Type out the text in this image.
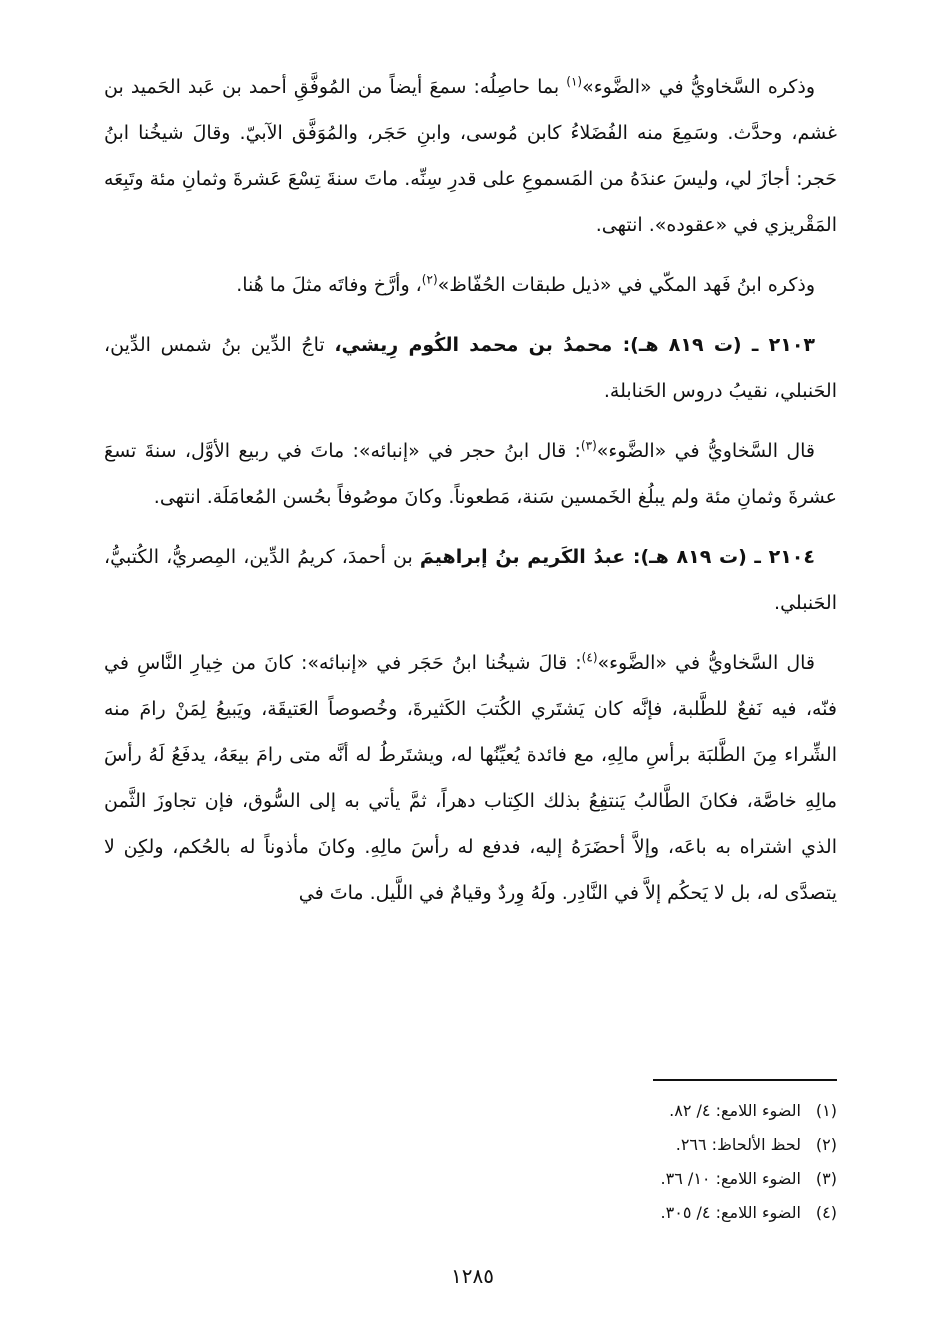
وذكره السَّخاويُّ في «الضَّوء»$^{(١)}$ بما حاصِلُه: سمعَ أيضاً من المُوفَّقِ أحمد بن عَبد الحَميد بن غشم، وحدَّث. وسَمِعَ منه الفُضَلاءُ كابن مُوسى، وابنِ حَجَر، والمُوَفَّق الآبيّ. وقالَ شيخُنا ابنُ حَجر: أجازَ لي، وليسَ عندَهُ من المَسموعِ على قدرِ سِنِّه. ماتَ سنةَ تِسْعَ عَشرةَ وثمانِ مئة وتَبِعَه المَقْريزي في «عقوده». انتهى.

وذكره ابنُ فَهد المكّي في «ذيل طبقات الحُفّاظ»$^{(٢)}$، وأرَّخ وفاتَه مثلَ ما هُنا.

٢١٠٣ ـ (ت ٨١٩ هـ): محمدُ بن محمد الكُوم رِيشي، تاجُ الدِّين بنُ شمس الدِّين، الحَنبلي، نقيبُ دروس الحَنابلة.

قال السَّخاويُّ في «الضَّوء»$^{(٣)}$: قال ابنُ حجر في «إنبائه»: ماتَ في ربيع الأوَّل، سنةَ تسعَ عشرةَ وثمانِ مئة ولم يبلُغ الخَمسين سَنة، مَطعوناً. وكانَ موصُوفاً بحُسن المُعامَلَة. انتهى.

٢١٠٤ ـ (ت ٨١٩ هـ): عبدُ الكَريم بنُ إبراهيمَ بن أحمدَ، كريمُ الدِّين، المِصريُّ، الكُتبيُّ، الحَنبلي.

قال السَّخاويُّ في «الضَّوء»$^{(٤)}$: قالَ شيخُنا ابنُ حَجَر في «إنبائه»: كانَ من خِيارِ النَّاسِ في فنّه، فيه نَفعٌ للطَّلبة، فإنَّه كان يَشتَري الكُتبَ الكَثيرةَ، وخُصوصاً العَتيقَة، ويَبيعُ لِمَنْ رامَ منه الشِّراء مِنَ الطَّلبَة برأسِ مالِهِ، مع فائدة يُعيِّنُها له، ويشتَرطُ له أنَّه متى رامَ بيعَهُ، يدفَعُ لَهُ رأسَ مالِهِ خاصَّة، فكانَ الطَّالبُ يَنتفِعُ بذلك الكِتاب دهراً، ثمَّ يأتي به إلى السُّوق، فإن تجاوزَ الثَّمن الذي اشتراه به باعَه، وإلاَّ أحضَرَهُ إليه، فدفع له رأسَ مالِهِ. وكانَ مأذوناً له بالحُكم، ولكِن لا يتصدَّى له، بل لا يَحكُم إلاَّ في النَّادِر. ولَهُ وِردٌ وقيامٌ في اللَّيل. ماتَ في

(١)الضوء اللامع: ٤/ ٨٢.
(٢)لحظ الألحاظ: ٢٦٦.
(٣)الضوء اللامع: ١٠/ ٣٦.
(٤)الضوء اللامع: ٤/ ٣٠٥.
١٢٨٥
